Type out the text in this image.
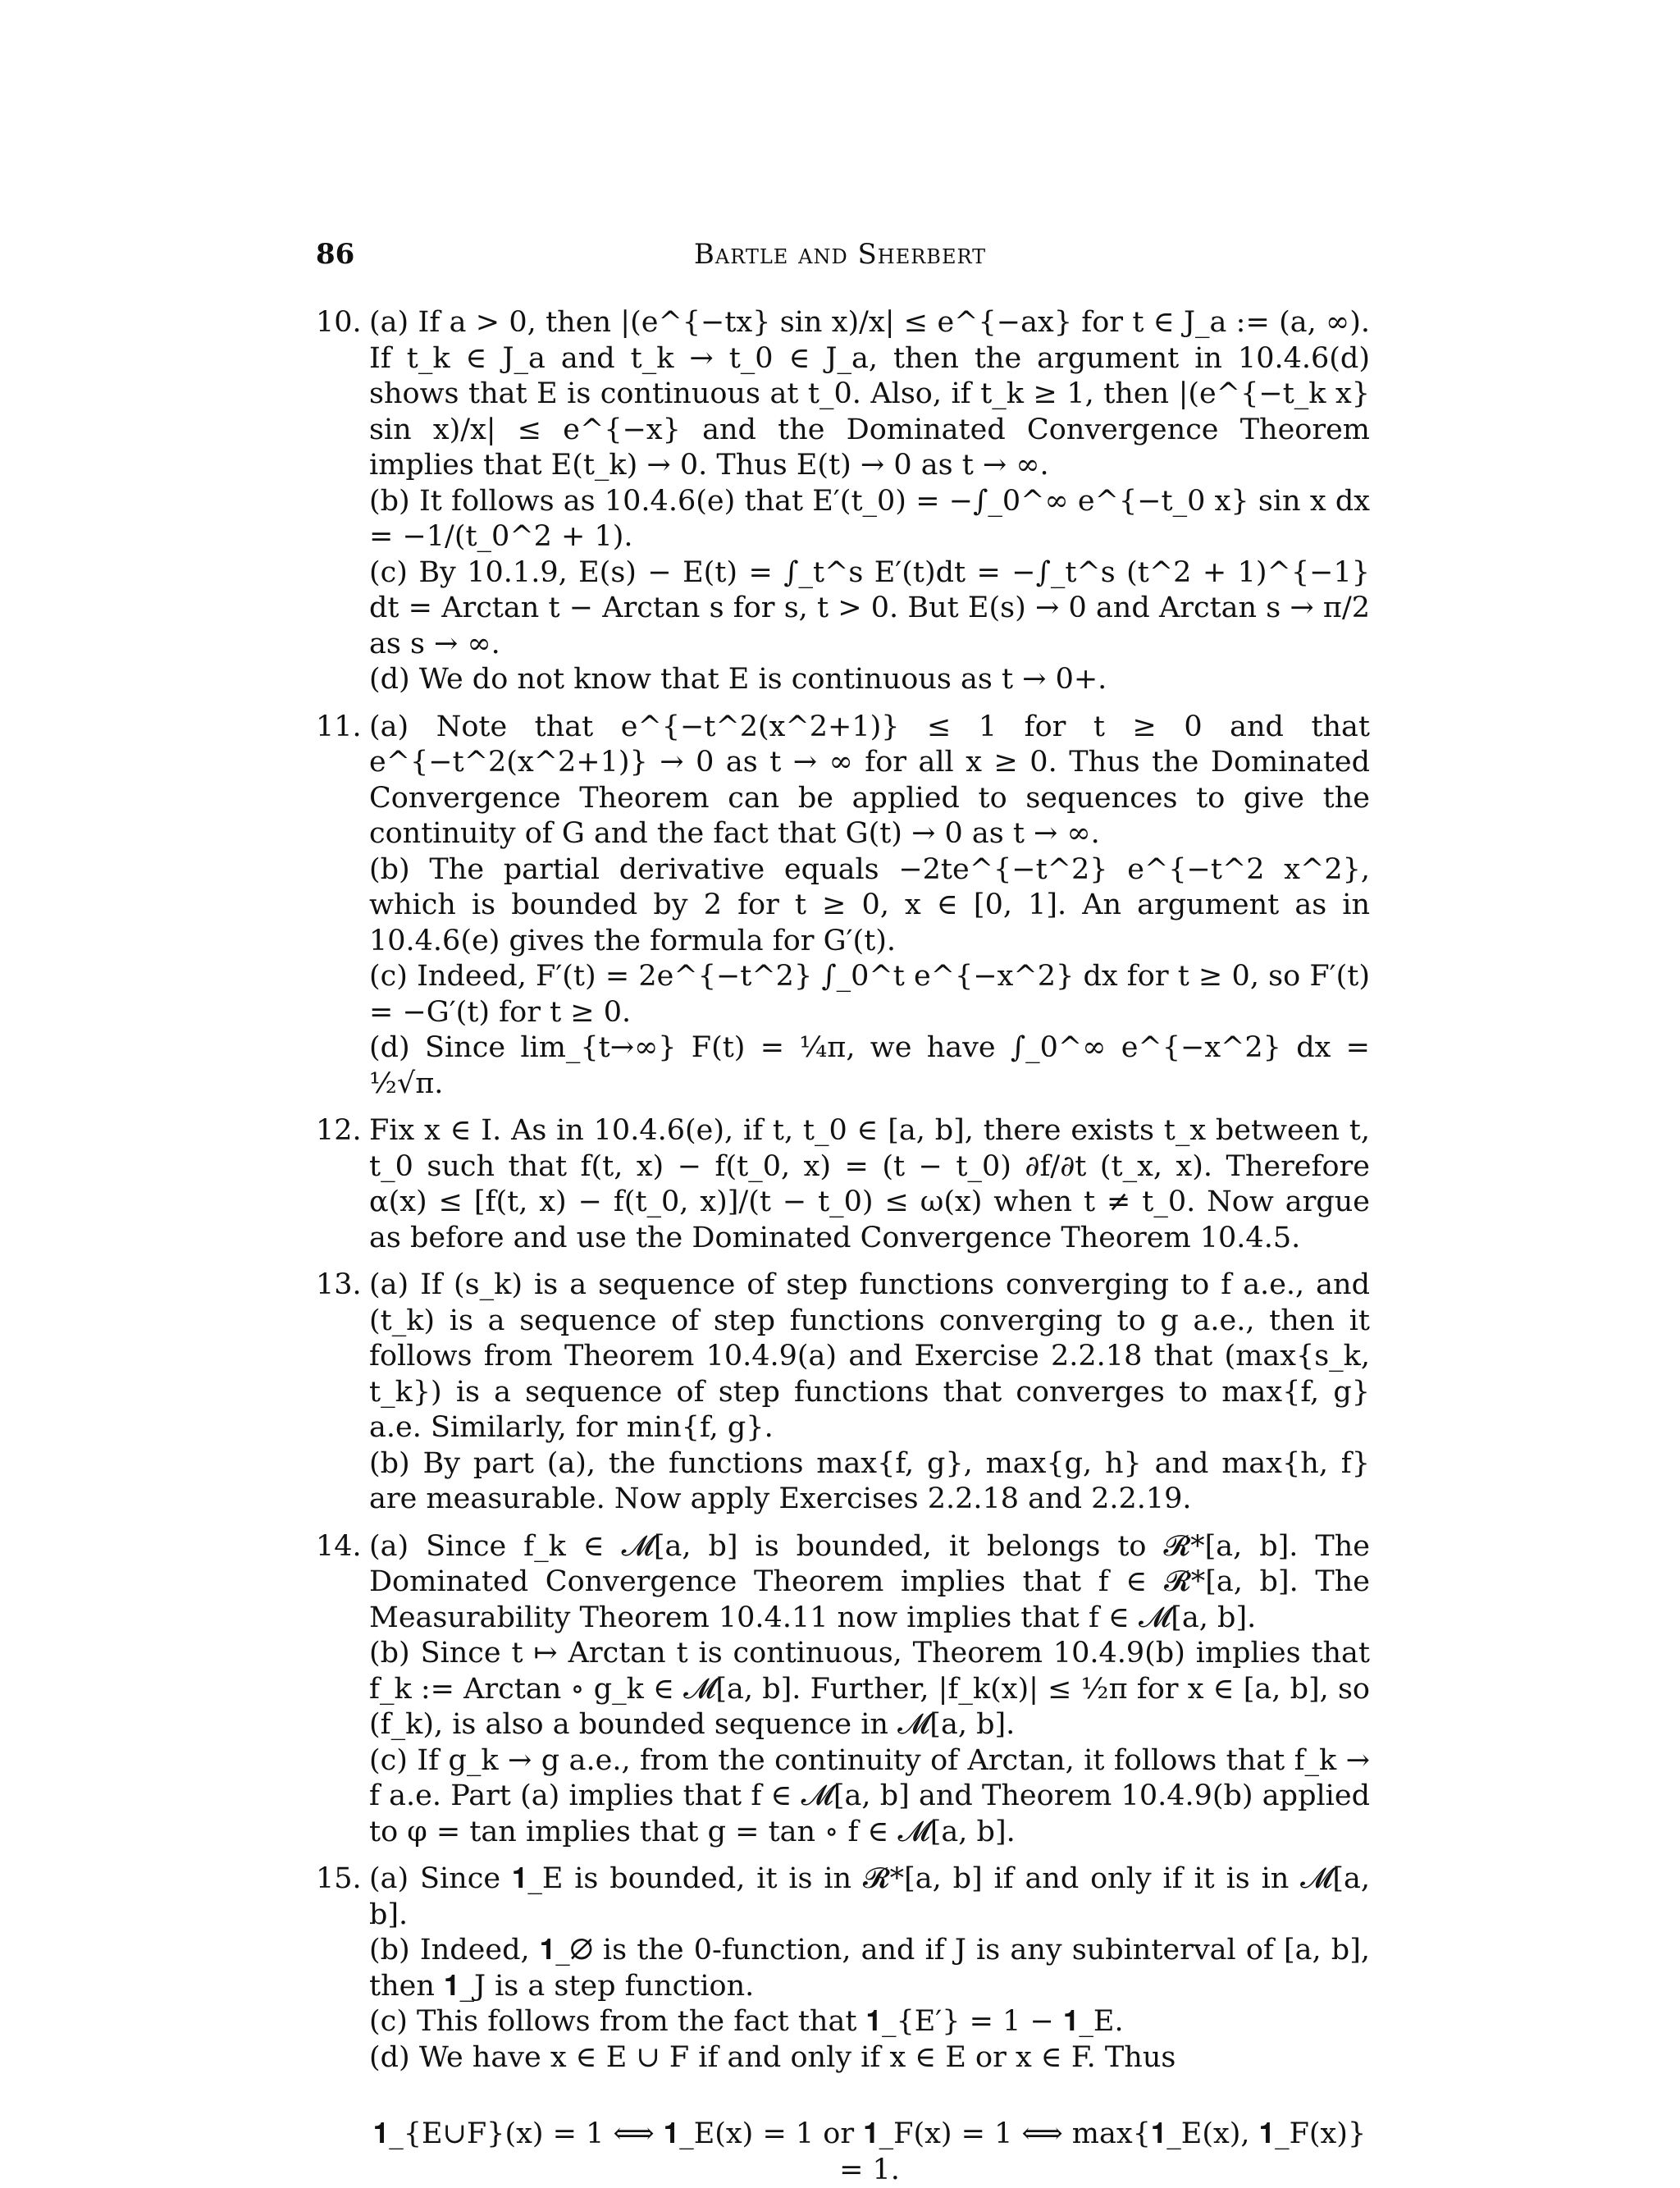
86	Bartle and Sherbert
10. (a) If a > 0, then |(e^{−tx} sin x)/x| ≤ e^{−ax} for t ∈ J_a := (a, ∞). If t_k ∈ J_a and t_k → t_0 ∈ J_a, then the argument in 10.4.6(d) shows that E is continuous at t_0. Also, if t_k ≥ 1, then |(e^{−t_k x} sin x)/x| ≤ e^{−x} and the Dominated Convergence Theorem implies that E(t_k) → 0. Thus E(t) → 0 as t → ∞.
(b) It follows as 10.4.6(e) that E′(t_0) = −∫_0^∞ e^{−t_0 x} sin x dx = −1/(t_0^2 + 1).
(c) By 10.1.9, E(s) − E(t) = ∫_t^s E′(t)dt = −∫_t^s (t^2 + 1)^{−1} dt = Arctan t − Arctan s for s, t > 0. But E(s) → 0 and Arctan s → π/2 as s → ∞.
(d) We do not know that E is continuous as t → 0+.
11. (a) Note that e^{−t^2(x^2+1)} ≤ 1 for t ≥ 0 and that e^{−t^2(x^2+1)} → 0 as t → ∞ for all x ≥ 0. Thus the Dominated Convergence Theorem can be applied to sequences to give the continuity of G and the fact that G(t) → 0 as t → ∞.
(b) The partial derivative equals −2te^{−t^2} e^{−t^2 x^2}, which is bounded by 2 for t ≥ 0, x ∈ [0, 1]. An argument as in 10.4.6(e) gives the formula for G′(t).
(c) Indeed, F′(t) = 2e^{−t^2} ∫_0^t e^{−x^2} dx for t ≥ 0, so F′(t) = −G′(t) for t ≥ 0.
(d) Since lim_{t→∞} F(t) = ¼π, we have ∫_0^∞ e^{−x^2} dx = ½√π.
12. Fix x ∈ I. As in 10.4.6(e), if t, t_0 ∈ [a, b], there exists t_x between t, t_0 such that f(t, x) − f(t_0, x) = (t − t_0) ∂f/∂t (t_x, x). Therefore α(x) ≤ [f(t, x) − f(t_0, x)]/(t − t_0) ≤ ω(x) when t ≠ t_0. Now argue as before and use the Dominated Convergence Theorem 10.4.5.
13. (a) If (s_k) is a sequence of step functions converging to f a.e., and (t_k) is a sequence of step functions converging to g a.e., then it follows from Theorem 10.4.9(a) and Exercise 2.2.18 that (max{s_k, t_k}) is a sequence of step functions that converges to max{f, g} a.e. Similarly, for min{f, g}.
(b) By part (a), the functions max{f, g}, max{g, h} and max{h, f} are measurable. Now apply Exercises 2.2.18 and 2.2.19.
14. (a) Since f_k ∈ 𝓜[a, b] is bounded, it belongs to 𝓡*[a, b]. The Dominated Convergence Theorem implies that f ∈ 𝓡*[a, b]. The Measurability Theorem 10.4.11 now implies that f ∈ 𝓜[a, b].
(b) Since t ↦ Arctan t is continuous, Theorem 10.4.9(b) implies that f_k := Arctan ∘ g_k ∈ 𝓜[a, b]. Further, |f_k(x)| ≤ ½π for x ∈ [a, b], so (f_k), is also a bounded sequence in 𝓜[a, b].
(c) If g_k → g a.e., from the continuity of Arctan, it follows that f_k → f a.e. Part (a) implies that f ∈ 𝓜[a, b] and Theorem 10.4.9(b) applied to φ = tan implies that g = tan ∘ f ∈ 𝓜[a, b].
15. (a) Since 𝟏_E is bounded, it is in 𝓡*[a, b] if and only if it is in 𝓜[a, b].
(b) Indeed, 𝟏_∅ is the 0-function, and if J is any subinterval of [a, b], then 𝟏_J is a step function.
(c) This follows from the fact that 𝟏_{E′} = 1 − 𝟏_E.
(d) We have x ∈ E ∪ F if and only if x ∈ E or x ∈ F. Thus
𝟏_{E∪F}(x) = 1 ⟺ 𝟏_E(x) = 1 or 𝟏_F(x) = 1 ⟺ max{𝟏_E(x), 𝟏_F(x)} = 1.
